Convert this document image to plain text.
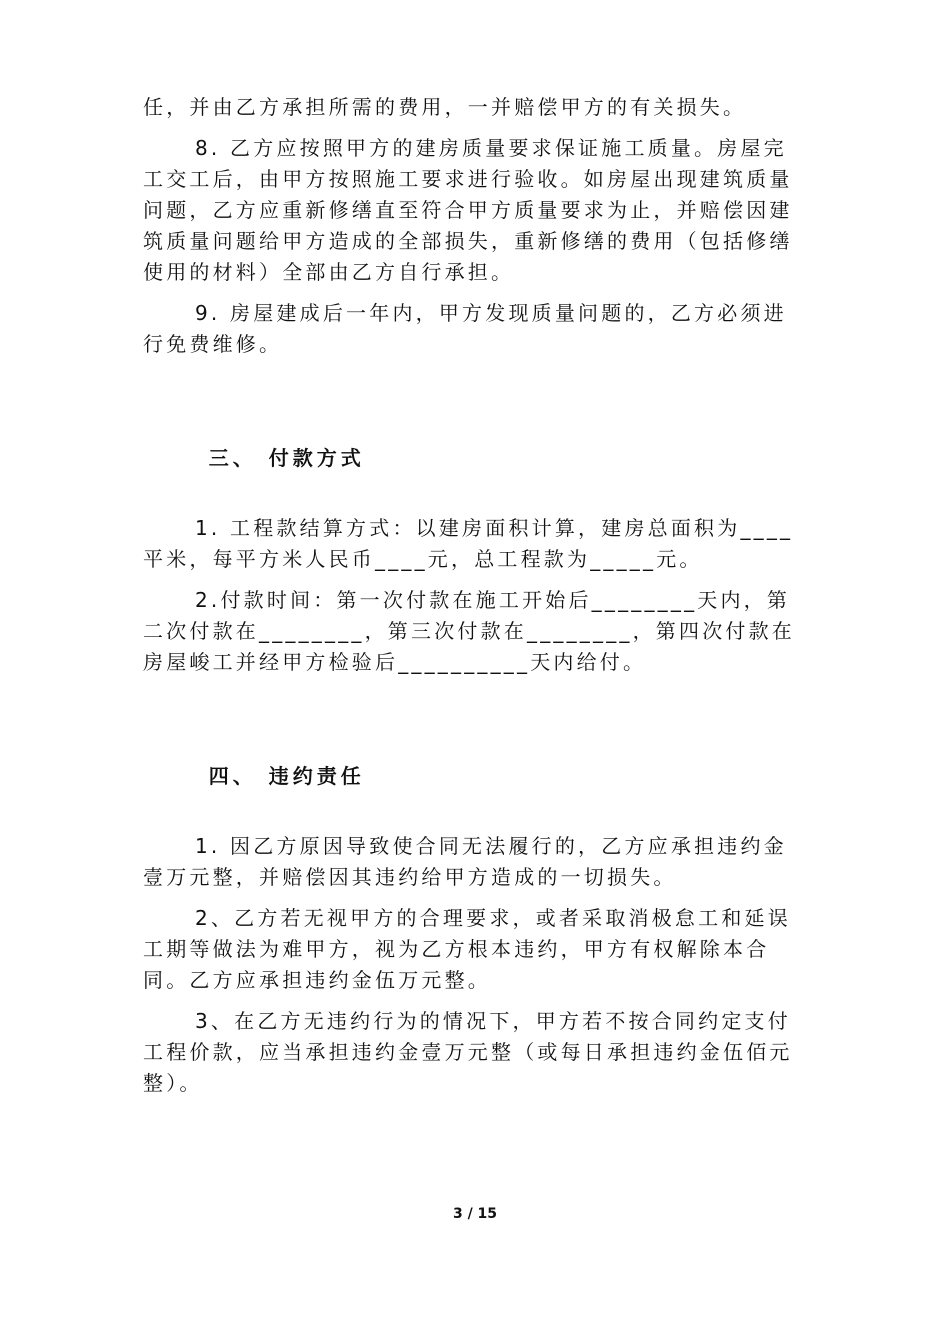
任，并由乙方承担所需的费用，一并赔偿甲方的有关损失。

8. 乙方应按照甲方的建房质量要求保证施工质量。房屋完工交工后，由甲方按照施工要求进行验收。如房屋出现建筑质量问题，乙方应重新修缮直至符合甲方质量要求为止，并赔偿因建筑质量问题给甲方造成的全部损失，重新修缮的费用（包括修缮使用的材料）全部由乙方自行承担。

9. 房屋建成后一年内，甲方发现质量问题的，乙方必须进行免费维修。

三、 付款方式

1. 工程款结算方式：以建房面积计算，建房总面积为____平米，每平方米人民币____元，总工程款为_____元。

2.付款时间：第一次付款在施工开始后________天内，第二次付款在________，第三次付款在________，第四次付款在房屋峻工并经甲方检验后__________天内给付。

四、 违约责任

1. 因乙方原因导致使合同无法履行的，乙方应承担违约金壹万元整，并赔偿因其违约给甲方造成的一切损失。

2、乙方若无视甲方的合理要求，或者采取消极怠工和延误工期等做法为难甲方，视为乙方根本违约，甲方有权解除本合同。乙方应承担违约金伍万元整。

3、在乙方无违约行为的情况下，甲方若不按合同约定支付工程价款，应当承担违约金壹万元整（或每日承担违约金伍佰元整）。

3 / 15
